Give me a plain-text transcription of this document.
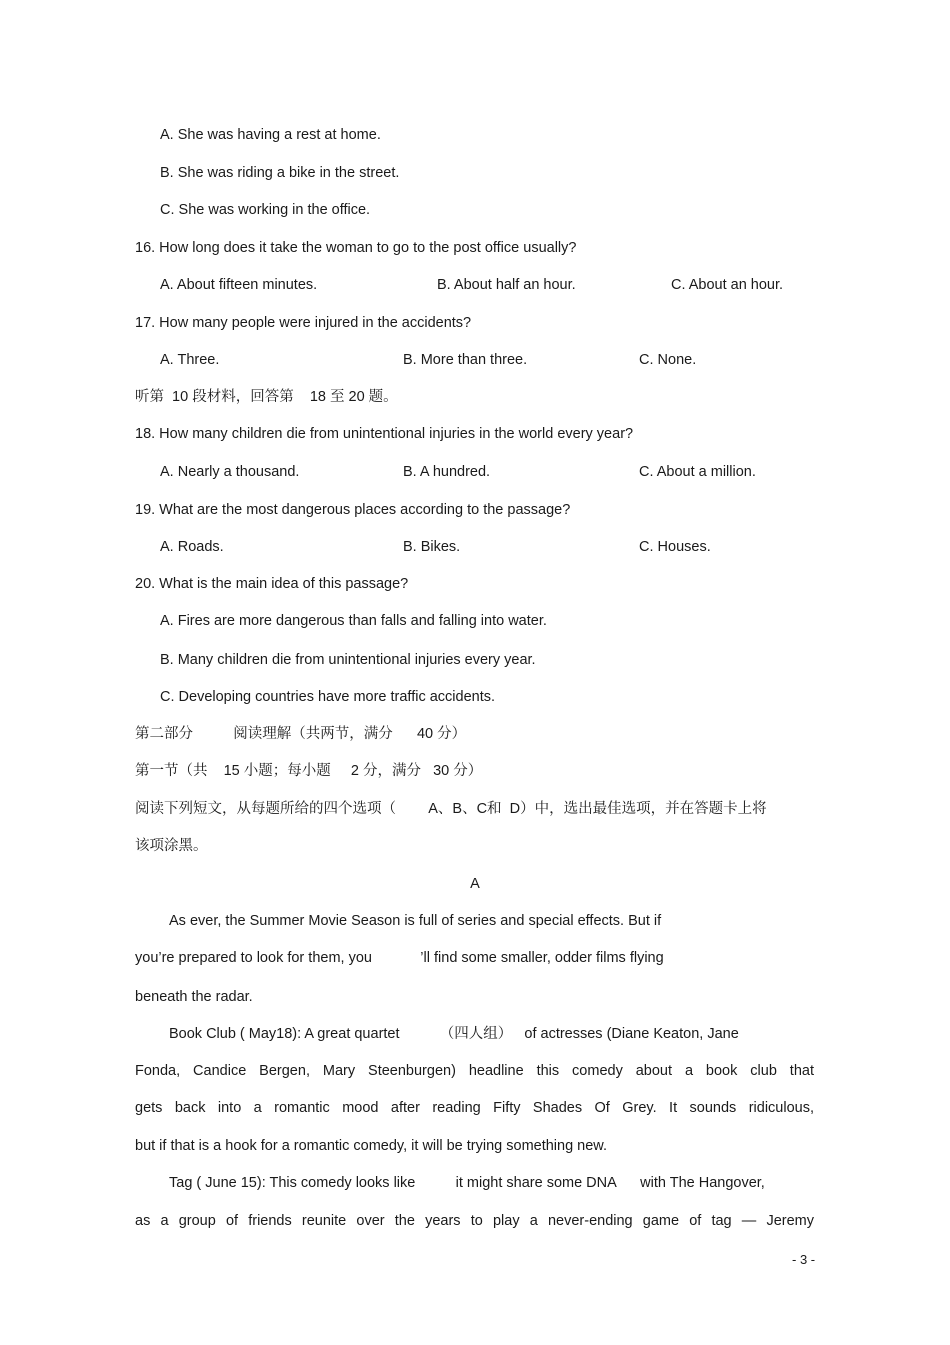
A. She was having a rest at home.
B. She was riding a bike in the street.
C. She was working in the office.
16. How long does it take the woman to go to the post office usually?
A. About fifteen minutes.	B. About half an hour.	C. About an hour.
17. How many people were injured in the accidents?
A. Three.	B. More than three.	C. None.
听第  10 段材料，回答第    18 至 20 题。
18. How many children die from unintentional injuries in the world every year?
A. Nearly a thousand.	B. A hundred.	C. About a million.
19. What are the most dangerous places according to the passage?
A. Roads.	B. Bikes.	C. Houses.
20. What is the main idea of this passage?
A. Fires are more dangerous than falls and falling into water.
B. Many children die from unintentional injuries every year.
C. Developing countries have more traffic accidents.
第二部分          阅读理解（共两节，满分      40 分）
第一节（共    15 小题；每小题     2 分，满分   30 分）
阅读下列短文，从每题所给的四个选项（        A、B、C和  D）中，选出最佳选项，并在答题卡上将
该项涂黑。
A
As ever, the Summer Movie Season is full of series and special effects. But if
you’re prepared to look for them, you            ’ll find some smaller, odder films flying
beneath the radar.
Book Club ( May18): A great quartet          （四人组）   of actresses (Diane Keaton, Jane
Fonda, Candice Bergen, Mary Steenburgen) headline this comedy about a book club that
gets back into a romantic mood after reading Fifty Shades Of Grey. It sounds ridiculous,
but if that is a hook for a romantic comedy, it will be trying something new.
Tag ( June 15): This comedy looks like          it might share some DNA      with The Hangover,
as a group of friends reunite over the years to play a never-ending game of tag — Jeremy
- 3 -
